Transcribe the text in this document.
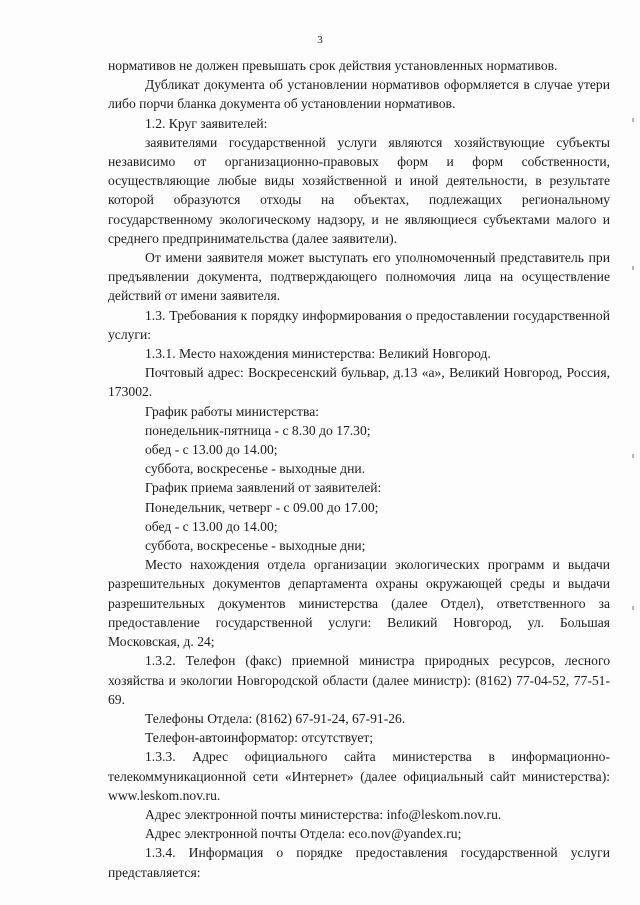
3

нормативов не должен превышать срок действия установленных нормативов.

Дубликат документа об установлении нормативов оформляется в случае утери либо порчи бланка документа об установлении нормативов.

1.2. Круг заявителей:

заявителями государственной услуги являются хозяйствующие субъекты независимо от организационно-правовых форм и форм собственности, осуществляющие любые виды хозяйственной и иной деятельности, в результате которой образуются отходы на объектах, подлежащих региональному государственному экологическому надзору, и не являющиеся субъектами малого и среднего предпринимательства (далее заявители).

От имени заявителя может выступать его уполномоченный представитель при предъявлении документа, подтверждающего полномочия лица на осуществление действий от имени заявителя.

1.3. Требования к порядку информирования о предоставлении государственной услуги:

1.3.1. Место нахождения министерства: Великий Новгород.

Почтовый адрес: Воскресенский бульвар, д.13 «а», Великий Новгород, Россия, 173002.

График работы министерства:

понедельник-пятница - с 8.30 до 17.30;

обед - с 13.00 до 14.00;

суббота, воскресенье - выходные дни.

График приема заявлений от заявителей:

Понедельник, четверг - с 09.00 до 17.00;

обед - с 13.00 до 14.00;

суббота, воскресенье - выходные дни;

Место нахождения отдела организации экологических программ и выдачи разрешительных документов департамента охраны окружающей среды и выдачи разрешительных документов министерства (далее Отдел), ответственного за предоставление государственной услуги: Великий Новгород, ул. Большая Московская, д. 24;

1.3.2. Телефон (факс) приемной министра природных ресурсов, лесного хозяйства и экологии Новгородской области (далее министр): (8162) 77-04-52, 77-51-69.

Телефоны Отдела: (8162) 67-91-24, 67-91-26.

Телефон-автоинформатор: отсутствует;

1.3.3. Адрес официального сайта министерства в информационно-телекоммуникационной сети «Интернет» (далее официальный сайт министерства): www.leskom.nov.ru.

Адрес электронной почты министерства: info@leskom.nov.ru.

Адрес электронной почты Отдела: eco.nov@yandex.ru;

1.3.4. Информация о порядке предоставления государственной услуги представляется:
